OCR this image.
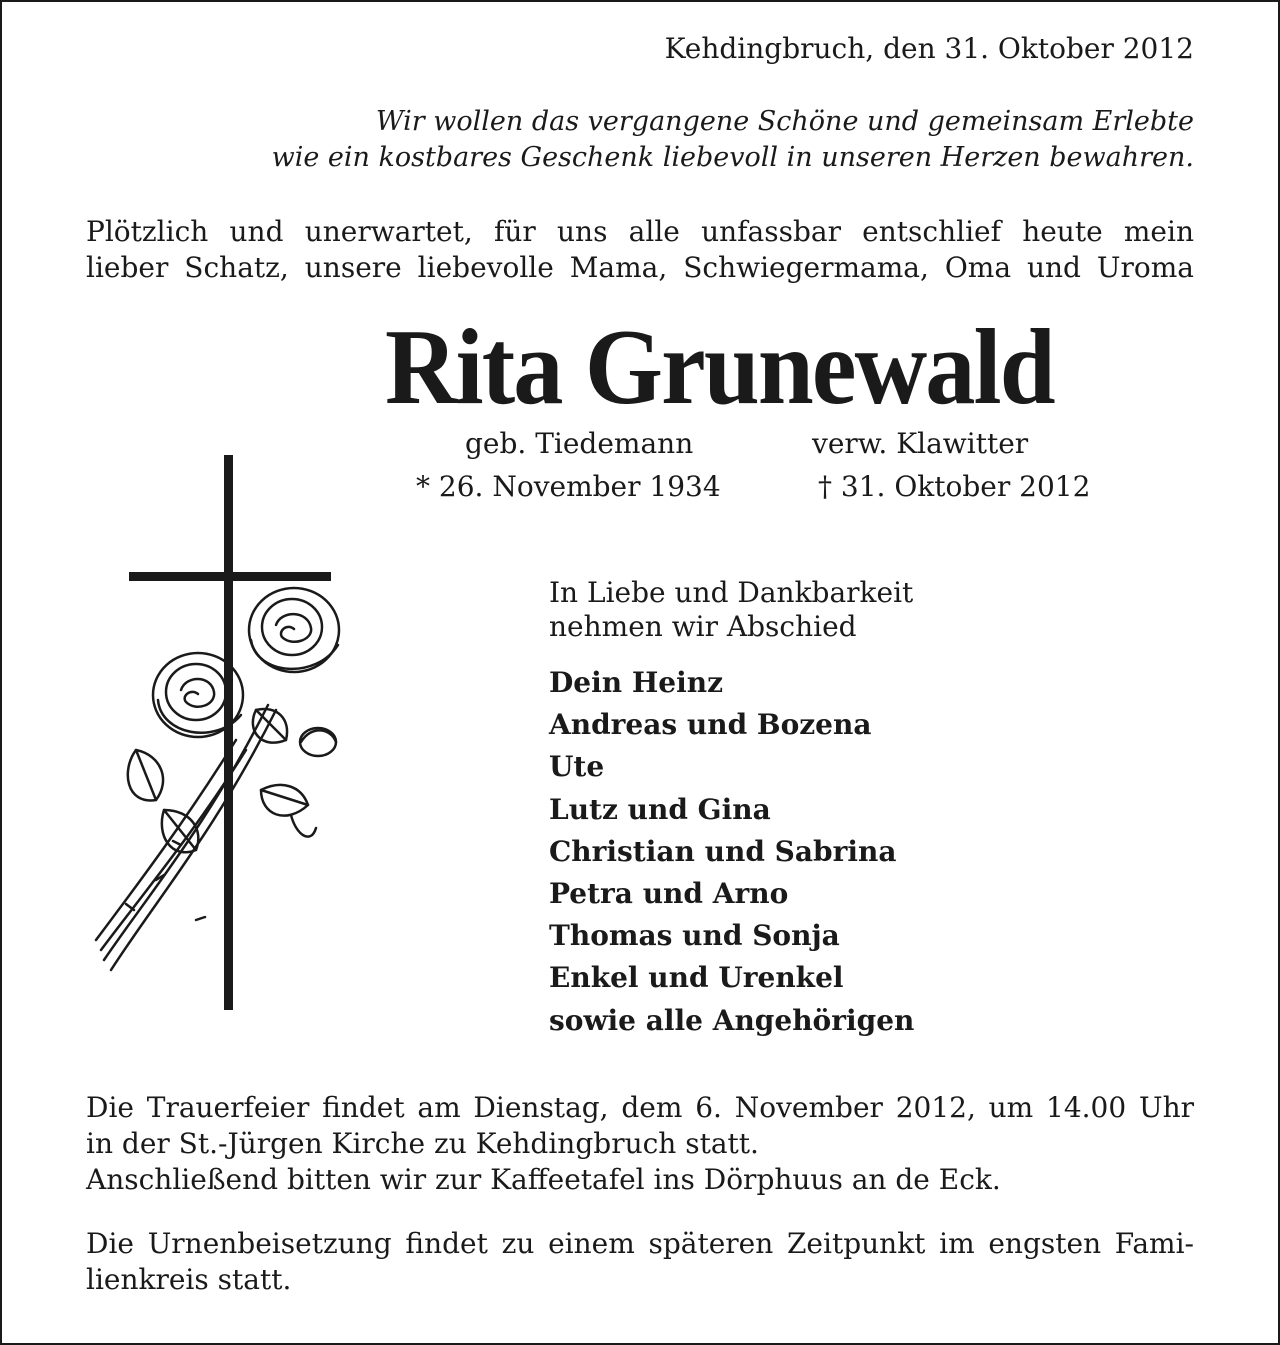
Kehdingbruch, den 31. Oktober 2012
Wir wollen das vergangene Schöne und gemeinsam Erlebte
wie ein kostbares Geschenk liebevoll in unseren Herzen bewahren.
Plötzlich und unerwartet, für uns alle unfassbar entschlief heute mein
lieber Schatz, unsere liebevolle Mama, Schwiegermama, Oma und Uroma
Rita Grunewald
geb. Tiedemann	verw. Klawitter
* 26. November 1934	† 31. Oktober 2012
In Liebe und Dankbarkeit
nehmen wir Abschied
Dein Heinz
Andreas und Bozena
Ute
Lutz und Gina
Christian und Sabrina
Petra und Arno
Thomas und Sonja
Enkel und Urenkel
sowie alle Angehörigen
Die Trauerfeier findet am Dienstag, dem 6. November 2012, um 14.00 Uhr
in der St.-Jürgen Kirche zu Kehdingbruch statt.
Anschließend bitten wir zur Kaffeetafel ins Dörphuus an de Eck.
Die Urnenbeisetzung findet zu einem späteren Zeitpunkt im engsten Fami-
lienkreis statt.
